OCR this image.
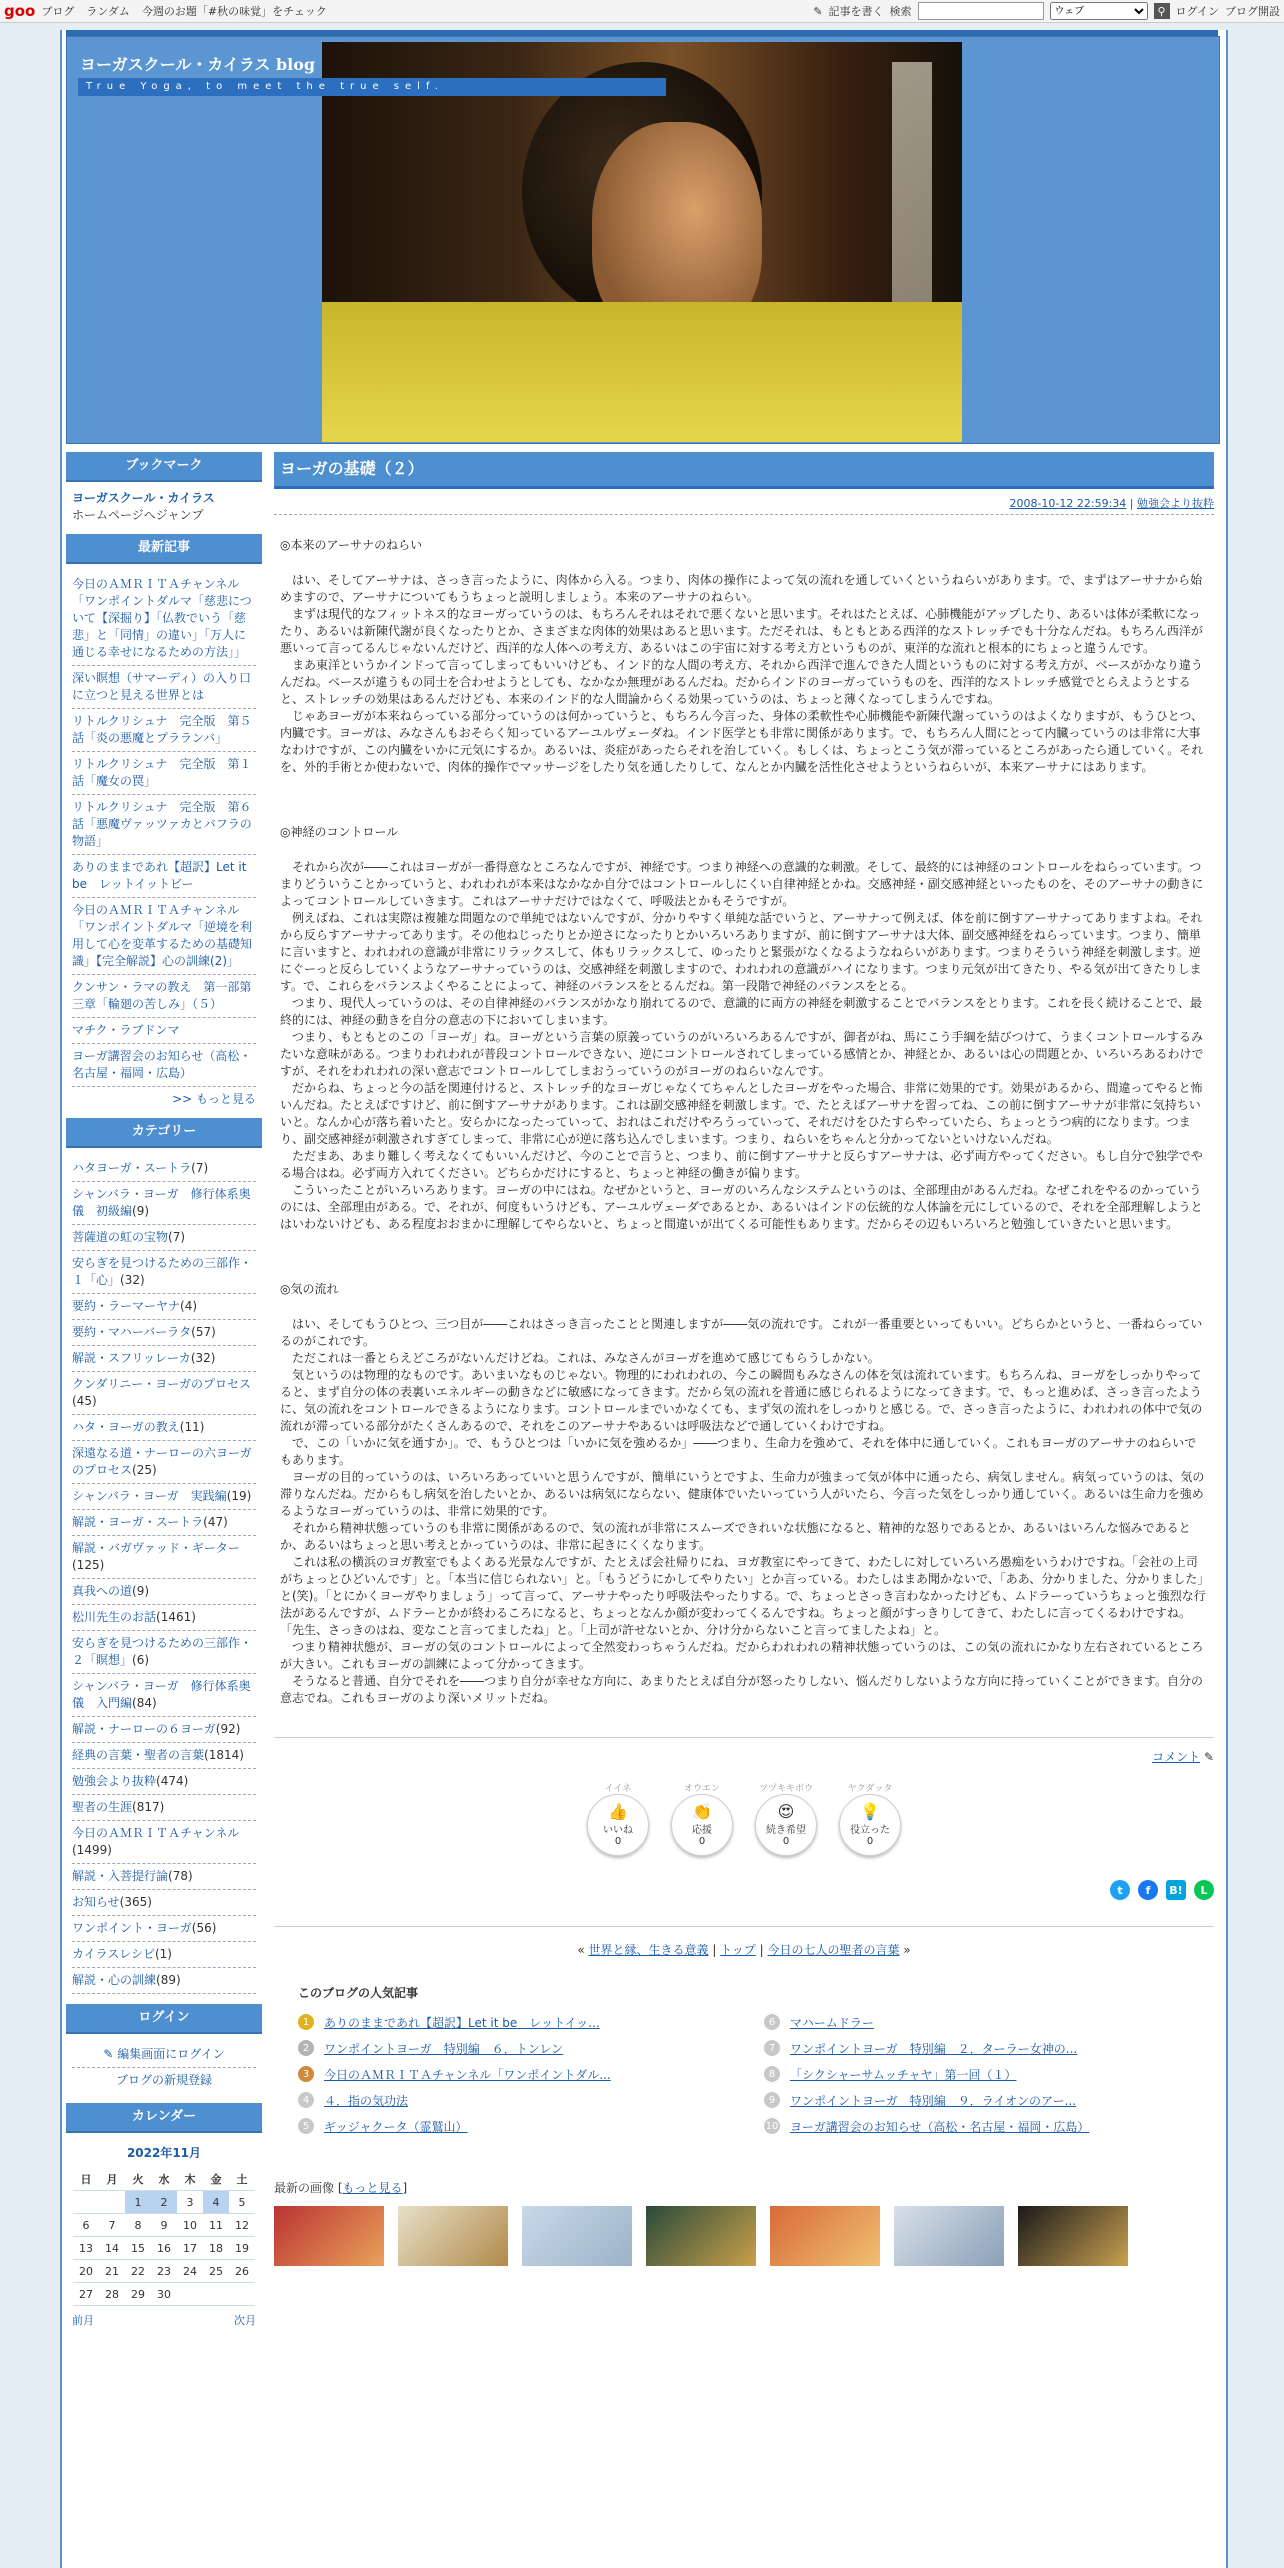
goo ブログ ランダム 今週のお題「#秋の味覚」をチェック	✎ 記事を書く 検索
ウェブ	⚲ ログイン ブログ開設
ヨーガスクール・カイラス blog
True Yoga, to meet the true self.
ブックマーク
ヨーガスクール・カイラス
ホームページへジャンプ
最新記事
今日のＡＭＲＩＴＡチャンネル「ワンポイントダルマ「慈悲について【深掘り】「仏教でいう「慈悲」と「同情」の違い」「万人に通じる幸せになるための方法」」
深い瞑想（サマーディ）の入り口に立つと見える世界とは
リトルクリシュナ　完全版　第５話「炎の悪魔とプラランバ」
リトルクリシュナ　完全版　第１話「魔女の罠」
リトルクリシュナ　完全版　第６話「悪魔ヴァッツァカとバフラの物語」
ありのままであれ【超訳】Let it be　レットイットビー
今日のＡＭＲＩＴＡチャンネル「ワンポイントダルマ「逆境を利用して心を変革するための基礎知識」【完全解説】心の訓練(2)」
クンサン・ラマの教え　第一部第三章「輪廻の苦しみ」（５）
マチク・ラブドンマ
ヨーガ講習会のお知らせ（高松・名古屋・福岡・広島）
>> もっと見る
カテゴリー
ハタヨーガ・スートラ(7)
シャンバラ・ヨーガ　修行体系奥儀　初級編(9)
菩薩道の虹の宝物(7)
安らぎを見つけるための三部作・１「心」(32)
要約・ラーマーヤナ(4)
要約・マハーバーラタ(57)
解説・スフリッレーカ(32)
クンダリニー・ヨーガのプロセス(45)
ハタ・ヨーガの教え(11)
深遠なる道・ナーローの六ヨーガのプロセス(25)
シャンバラ・ヨーガ　実践編(19)
解説・ヨーガ・スートラ(47)
解説・バガヴァッド・ギーター(125)
真我への道(9)
松川先生のお話(1461)
安らぎを見つけるための三部作・２「瞑想」(6)
シャンバラ・ヨーガ　修行体系奥儀　入門編(84)
解説・ナーローの６ヨーガ(92)
経典の言葉・聖者の言葉(1814)
勉強会より抜粋(474)
聖者の生涯(817)
今日のＡＭＲＩＴＡチャンネル(1499)
解説・入菩提行論(78)
お知らせ(365)
ワンポイント・ヨーガ(56)
カイラスレシピ(1)
解説・心の訓練(89)
ログイン
✎ 編集画面にログイン
ブログの新規登録
カレンダー
2022年11月
日	月	火	水	木	金	土
		1	2	3	4	5
6	7	8	9	10	11	12
13	14	15	16	17	18	19
20	21	22	23	24	25	26
27	28	29	30			
前月	次月
ヨーガの基礎（２）
2008-10-12 22:59:34 | 勉強会より抜粋

◎本来のアーサナのねらい

　はい、そしてアーサナは、さっき言ったように、肉体から入る。つまり、肉体の操作によって気の流れを通していくというねらいがあります。で、まずはアーサナから始めますので、アーサナについてもうちょっと説明しましょう。本来のアーサナのねらい。

　まずは現代的なフィットネス的なヨーガっていうのは、もちろんそれはそれで悪くないと思います。それはたとえば、心肺機能がアップしたり、あるいは体が柔軟になったり、あるいは新陳代謝が良くなったりとか、さまざまな肉体的効果はあると思います。ただそれは、もともとある西洋的なストレッチでも十分なんだね。もちろん西洋が悪いって言ってるんじゃないんだけど、西洋的な人体への考え方、あるいはこの宇宙に対する考え方というものが、東洋的な流れと根本的にちょっと違うんです。

　まあ東洋というかインドって言ってしまってもいいけども、インド的な人間の考え方、それから西洋で進んできた人間というものに対する考え方が、ベースがかなり違うんだね。ベースが違うもの同士を合わせようとしても、なかなか無理があるんだね。だからインドのヨーガっていうものを、西洋的なストレッチ感覚でとらえようとすると、ストレッチの効果はあるんだけども、本来のインド的な人間論からくる効果っていうのは、ちょっと薄くなってしまうんですね。

　じゃあヨーガが本来ねらっている部分っていうのは何かっていうと、もちろん今言った、身体の柔軟性や心肺機能や新陳代謝っていうのはよくなりますが、もうひとつ、内臓です。ヨーガは、みなさんもおそらく知っているアーユルヴェーダね。インド医学とも非常に関係があります。で、もちろん人間にとって内臓っていうのは非常に大事なわけですが、この内臓をいかに元気にするか。あるいは、炎症があったらそれを治していく。もしくは、ちょっとこう気が滞っているところがあったら通していく。それを、外的手術とか使わないで、肉体的操作でマッサージをしたり気を通したりして、なんとか内臓を活性化させようというねらいが、本来アーサナにはあります。

◎神経のコントロール

　それから次が――これはヨーガが一番得意なところなんですが、神経です。つまり神経への意識的な刺激。そして、最終的には神経のコントロールをねらっています。つまりどういうことかっていうと、われわれが本来はなかなか自分ではコントロールしにくい自律神経とかね。交感神経・副交感神経といったものを、そのアーサナの動きによってコントロールしていきます。これはアーサナだけではなくて、呼吸法とかもそうですが。

　例えばね、これは実際は複雑な問題なので単純ではないんですが、分かりやすく単純な話でいうと、アーサナって例えば、体を前に倒すアーサナってありますよね。それから反らすアーサナってあります。その他ねじったりとか逆さになったりとかいろいろありますが、前に倒すアーサナは大体、副交感神経をねらっています。つまり、簡単に言いますと、われわれの意識が非常にリラックスして、体もリラックスして、ゆったりと緊張がなくなるようなねらいがあります。つまりそういう神経を刺激します。逆にぐーっと反らしていくようなアーサナっていうのは、交感神経を刺激しますので、われわれの意識がハイになります。つまり元気が出てきたり、やる気が出てきたりします。で、これらをバランスよくやることによって、神経のバランスをとるんだね。第一段階で神経のバランスをとる。

　つまり、現代人っていうのは、その自律神経のバランスがかなり崩れてるので、意識的に両方の神経を刺激することでバランスをとります。これを長く続けることで、最終的には、神経の動きを自分の意志の下においてしまいます。

　つまり、もともとのこの「ヨーガ」ね。ヨーガという言葉の原義っていうのがいろいろあるんですが、御者がね、馬にこう手綱を結びつけて、うまくコントロールするみたいな意味がある。つまりわれわれが普段コントロールできない、逆にコントロールされてしまっている感情とか、神経とか、あるいは心の問題とか、いろいろあるわけですが、それをわれわれの深い意志でコントロールしてしまおうっていうのがヨーガのねらいなんです。

　だからね、ちょっと今の話を関連付けると、ストレッチ的なヨーガじゃなくてちゃんとしたヨーガをやった場合、非常に効果的です。効果があるから、間違ってやると怖いんだね。たとえばですけど、前に倒すアーサナがあります。これは副交感神経を刺激します。で、たとえばアーサナを習ってね、この前に倒すアーサナが非常に気持ちいいと。なんか心が落ち着いたと。安らかになったっていって、おれはこれだけやろうっていって、それだけをひたすらやっていたら、ちょっとうつ病的になります。つまり、副交感神経が刺激されすぎてしまって、非常に心が逆に落ち込んでしまいます。つまり、ねらいをちゃんと分かってないといけないんだね。

　ただまあ、あまり難しく考えなくてもいいんだけど、今のことで言うと、つまり、前に倒すアーサナと反らすアーサナは、必ず両方やってください。もし自分で独学でやる場合はね。必ず両方入れてください。どちらかだけにすると、ちょっと神経の働きが偏ります。

　こういったことがいろいろあります。ヨーガの中にはね。なぜかというと、ヨーガのいろんなシステムというのは、全部理由があるんだね。なぜこれをやるのかっていうのには、全部理由がある。で、それが、何度もいうけども、アーユルヴェーダであるとか、あるいはインドの伝統的な人体論を元にしているので、それを全部理解しようとはいわないけども、ある程度おおまかに理解してやらないと、ちょっと間違いが出てくる可能性もあります。だからその辺もいろいろと勉強していきたいと思います。

◎気の流れ

　はい、そしてもうひとつ、三つ目が――これはさっき言ったことと関連しますが――気の流れです。これが一番重要といってもいい。どちらかというと、一番ねらっているのがこれです。

　ただこれは一番とらえどころがないんだけどね。これは、みなさんがヨーガを進めて感じてもらうしかない。

　気というのは物理的なものです。あいまいなものじゃない。物理的にわれわれの、今この瞬間もみなさんの体を気は流れています。もちろんね、ヨーガをしっかりやってると、まず自分の体の表裏いエネルギーの動きなどに敏感になってきます。だから気の流れを普通に感じられるようになってきます。で、もっと進めば、さっき言ったように、気の流れをコントロールできるようになります。コントロールまでいかなくても、まず気の流れをしっかりと感じる。で、さっき言ったように、われわれの体中で気の流れが滞っている部分がたくさんあるので、それをこのアーサナやあるいは呼吸法などで通していくわけですね。

　で、この「いかに気を通すか」。で、もうひとつは「いかに気を強めるか」――つまり、生命力を強めて、それを体中に通していく。これもヨーガのアーサナのねらいでもあります。

　ヨーガの目的っていうのは、いろいろあっていいと思うんですが、簡単にいうとですよ、生命力が強まって気が体中に通ったら、病気しません。病気っていうのは、気の滞りなんだね。だからもし病気を治したいとか、あるいは病気にならない、健康体でいたいっていう人がいたら、今言った気をしっかり通していく。あるいは生命力を強めるようなヨーガっていうのは、非常に効果的です。

　それから精神状態っていうのも非常に関係があるので、気の流れが非常にスムーズできれいな状態になると、精神的な怒りであるとか、あるいはいろんな悩みであるとか、あるいはちょっと思い考えとかっていうのは、非常に起きにくくなります。

　これは私の横浜のヨガ教室でもよくある光景なんですが、たとえば会社帰りにね、ヨガ教室にやってきて、わたしに対していろいろ愚痴をいうわけですね。「会社の上司がちょっとひどいんです」と。「本当に信じられない」と。「もうどうにかしてやりたい」とか言っている。わたしはまあ聞かないで、「ああ、分かりました、分かりました」と(笑)。「とにかくヨーガやりましょう」って言って、アーサナやったり呼吸法やったりする。で、ちょっとさっき言わなかったけども、ムドラーっていうちょっと強烈な行法があるんですが、ムドラーとかが終わるころになると、ちょっとなんか顔が変わってくるんですね。ちょっと顔がすっきりしてきて、わたしに言ってくるわけですね。「先生、さっきのはね、変なこと言ってましたね」と。「上司が許せないとか、分け分からないこと言ってましたよね」と。

　つまり精神状態が、ヨーガの気のコントロールによって全然変わっちゃうんだね。だからわれわれの精神状態っていうのは、この気の流れにかなり左右されているところが大きい。これもヨーガの訓練によって分かってきます。

　そうなると普通、自分でそれを――つまり自分が幸せな方向に、あまりたとえば自分が怒ったりしない、悩んだりしないような方向に持っていくことができます。自分の意志でね。これもヨーガのより深いメリットだね。

コメント ✎
イイネ
👍
いいね
0
オウエン
👏
応援
0
ツヅキキボウ
😍
続き希望
0
ヤクダッタ
💡
役立った
0
t	f	B!	L
« 世界と縁、生きる意義 | トップ | 今日の七人の聖者の言葉 »
このブログの人気記事
1	ありのままであれ【超訳】Let it be　レットイッ...	6	マハームドラー
2	ワンポイントヨーガ　特別編　６．トンレン	7	ワンポイントヨーガ　特別編　２．ターラー女神の...
3	今日のＡＭＲＩＴＡチャンネル「ワンポイントダル...	8	「シクシャーサムッチャヤ」第一回（１）
4	４．指の気功法	9	ワンポイントヨーガ　特別編　９．ライオンのアー...
5	ギッジャクータ（霊鷲山）	10 ヨーガ講習会のお知らせ（高松・名古屋・福岡・広島）
最新の画像 [もっと見る]
